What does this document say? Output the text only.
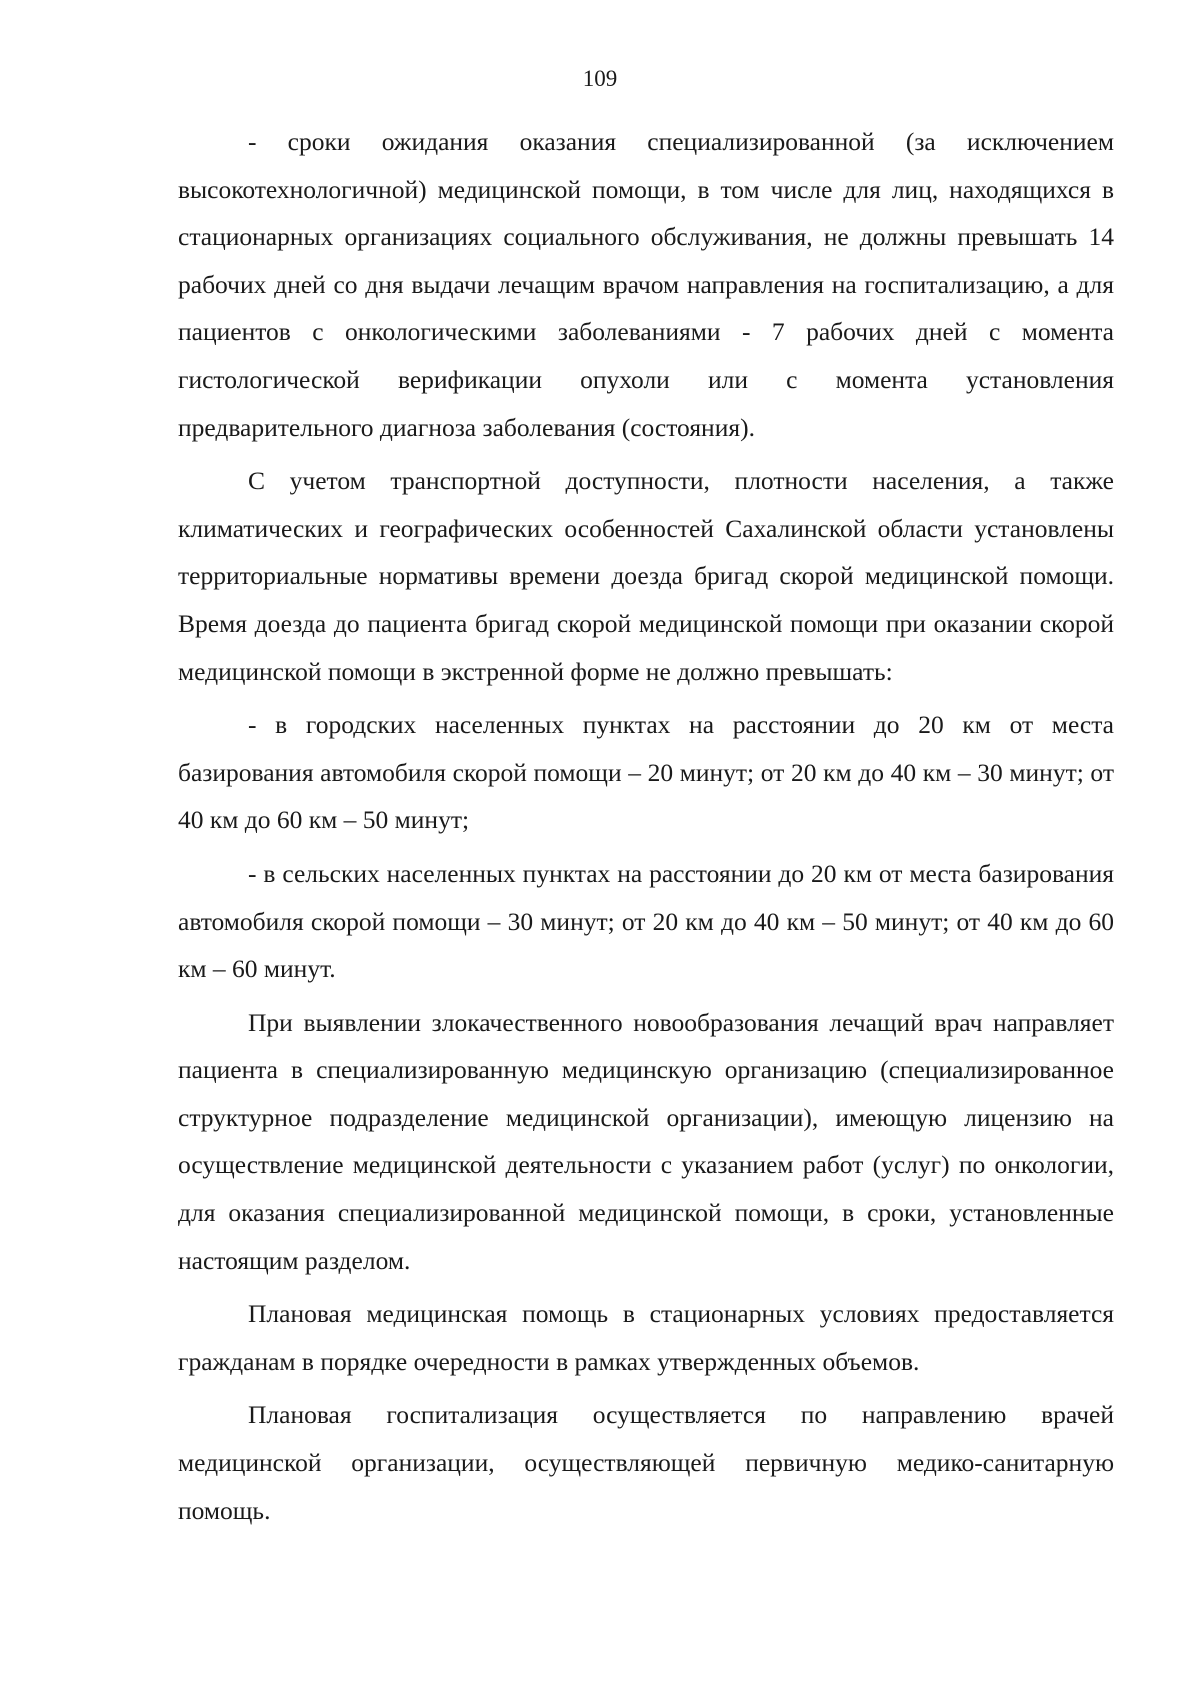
109

- сроки ожидания оказания специализированной (за исключением высокотехнологичной) медицинской помощи, в том числе для лиц, находящихся в стационарных организациях социального обслуживания, не должны превышать 14 рабочих дней со дня выдачи лечащим врачом направления на госпитализацию, а для пациентов с онкологическими заболеваниями - 7 рабочих дней с момента гистологической верификации опухоли или с момента установления предварительного диагноза заболевания (состояния).

С учетом транспортной доступности, плотности населения, а также климатических и географических особенностей Сахалинской области установлены территориальные нормативы времени доезда бригад скорой медицинской помощи. Время доезда до пациента бригад скорой медицинской помощи при оказании скорой медицинской помощи в экстренной форме не должно превышать:

- в городских населенных пунктах на расстоянии до 20 км от места базирования автомобиля скорой помощи – 20 минут; от 20 км до 40 км – 30 минут; от 40 км до 60 км – 50 минут;

- в сельских населенных пунктах на расстоянии до 20 км от места базирования автомобиля скорой помощи – 30 минут; от 20 км до 40 км – 50 минут; от 40 км до 60 км – 60 минут.

При выявлении злокачественного новообразования лечащий врач направляет пациента в специализированную медицинскую организацию (специализированное структурное подразделение медицинской организации), имеющую лицензию на осуществление медицинской деятельности с указанием работ (услуг) по онкологии, для оказания специализированной медицинской помощи, в сроки, установленные настоящим разделом.

Плановая медицинская помощь в стационарных условиях предоставляется гражданам в порядке очередности в рамках утвержденных объемов.

Плановая госпитализация осуществляется по направлению врачей медицинской организации, осуществляющей первичную медико-санитарную помощь.
